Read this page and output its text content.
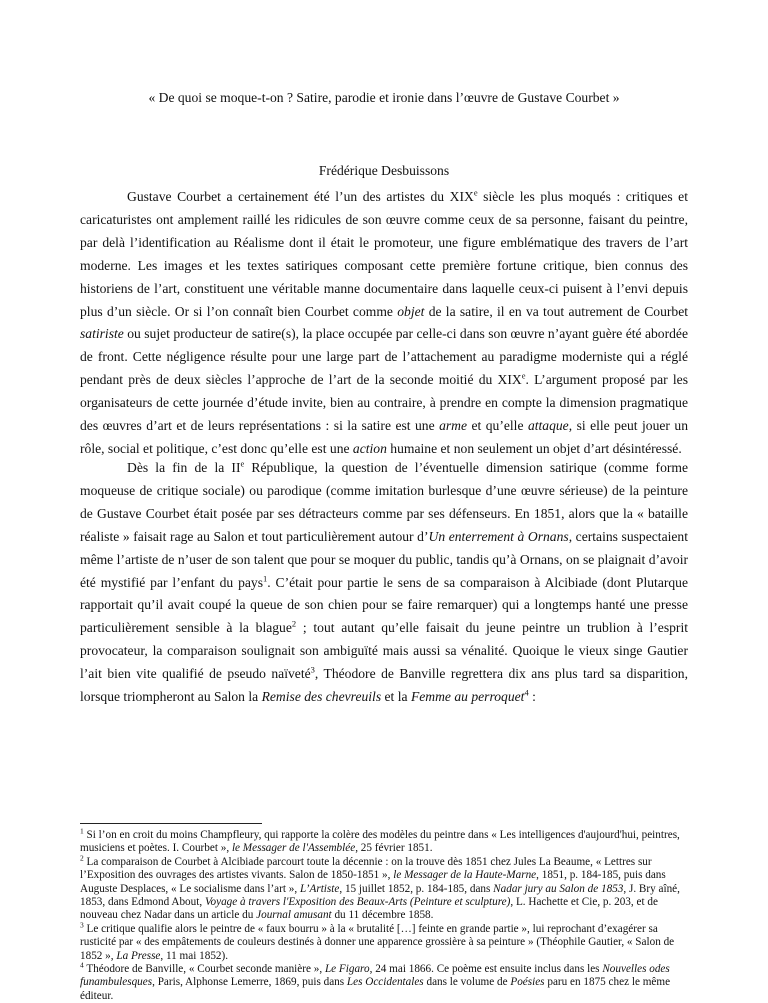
« De quoi se moque-t-on ? Satire, parodie et ironie dans l’œuvre de Gustave Courbet »
Frédérique Desbuissons

Gustave Courbet a certainement été l’un des artistes du XIXe siècle les plus moqués : critiques et caricaturistes ont amplement raillé les ridicules de son œuvre comme ceux de sa personne, faisant du peintre, par delà l’identification au Réalisme dont il était le promoteur, une figure emblématique des travers de l’art moderne. Les images et les textes satiriques composant cette première fortune critique, bien connus des historiens de l’art, constituent une véritable manne documentaire dans laquelle ceux-ci puisent à l’envi depuis plus d’un siècle. Or si l’on connaît bien Courbet comme objet de la satire, il en va tout autrement de Courbet satiriste ou sujet producteur de satire(s), la place occupée par celle-ci dans son œuvre n’ayant guère été abordée de front. Cette négligence résulte pour une large part de l’attachement au paradigme moderniste qui a réglé pendant près de deux siècles l’approche de l’art de la seconde moitié du XIXe. L’argument proposé par les organisateurs de cette journée d’étude invite, bien au contraire, à prendre en compte la dimension pragmatique des œuvres d’art et de leurs représentations : si la satire est une arme et qu’elle attaque, si elle peut jouer un rôle, social et politique, c’est donc qu’elle est une action humaine et non seulement un objet d’art désintéressé.

Dès la fin de la IIe République, la question de l’éventuelle dimension satirique (comme forme moqueuse de critique sociale) ou parodique (comme imitation burlesque d’une œuvre sérieuse) de la peinture de Gustave Courbet était posée par ses détracteurs comme par ses défenseurs. En 1851, alors que la « bataille réaliste » faisait rage au Salon et tout particulièrement autour d’Un enterrement à Ornans, certains suspectaient même l’artiste de n’user de son talent que pour se moquer du public, tandis qu’à Ornans, on se plaignait d’avoir été mystifié par l’enfant du pays$^1$. C’était pour partie le sens de sa comparaison à Alcibiade (dont Plutarque rapportait qu’il avait coupé la queue de son chien pour se faire remarquer) qui a longtemps hanté une presse particulièrement sensible à la blague$^2$ ; tout autant qu’elle faisait du jeune peintre un trublion à l’esprit provocateur, la comparaison soulignait son ambiguïté mais aussi sa vénalité. Quoique le vieux singe Gautier l’ait bien vite qualifié de pseudo naïveté$^3$, Théodore de Banville regrettera dix ans plus tard sa disparition, lorsque triompheront au Salon la Remise des chevreuils et la Femme au perroquet$^4$ :

$^1$ Si l’on en croit du moins Champfleury, qui rapporte la colère des modèles du peintre dans « Les intelligences d'aujourd'hui, peintres, musiciens et poètes. I. Courbet », le Messager de l'Assemblée, 25 février 1851.

$^2$ La comparaison de Courbet à Alcibiade parcourt toute la décennie : on la trouve dès 1851 chez Jules La Beaume, « Lettres sur l’Exposition des ouvrages des artistes vivants. Salon de 1850-1851 », le Messager de la Haute-Marne, 1851, p. 184-185, puis dans Auguste Desplaces, « Le socialisme dans l’art », L’Artiste, 15 juillet 1852, p. 184-185, dans Nadar jury au Salon de 1853, J. Bry aîné, 1853, dans Edmond About, Voyage à travers l'Exposition des Beaux-Arts (Peinture et sculpture), L. Hachette et Cie, p. 203, et de nouveau chez Nadar dans un article du Journal amusant du 11 décembre 1858.

$^3$ Le critique qualifie alors le peintre de « faux bourru » à la « brutalité […] feinte en grande partie », lui reprochant d’exagérer sa rusticité par « des empâtements de couleurs destinés à donner une apparence grossière à sa peinture » (Théophile Gautier, « Salon de 1852 », La Presse, 11 mai 1852).

$^4$ Théodore de Banville, « Courbet seconde manière », Le Figaro, 24 mai 1866. Ce poème est ensuite inclus dans les Nouvelles odes funambulesques, Paris, Alphonse Lemerre, 1869, puis dans Les Occidentales dans le volume de Poésies paru en 1875 chez le même éditeur.
